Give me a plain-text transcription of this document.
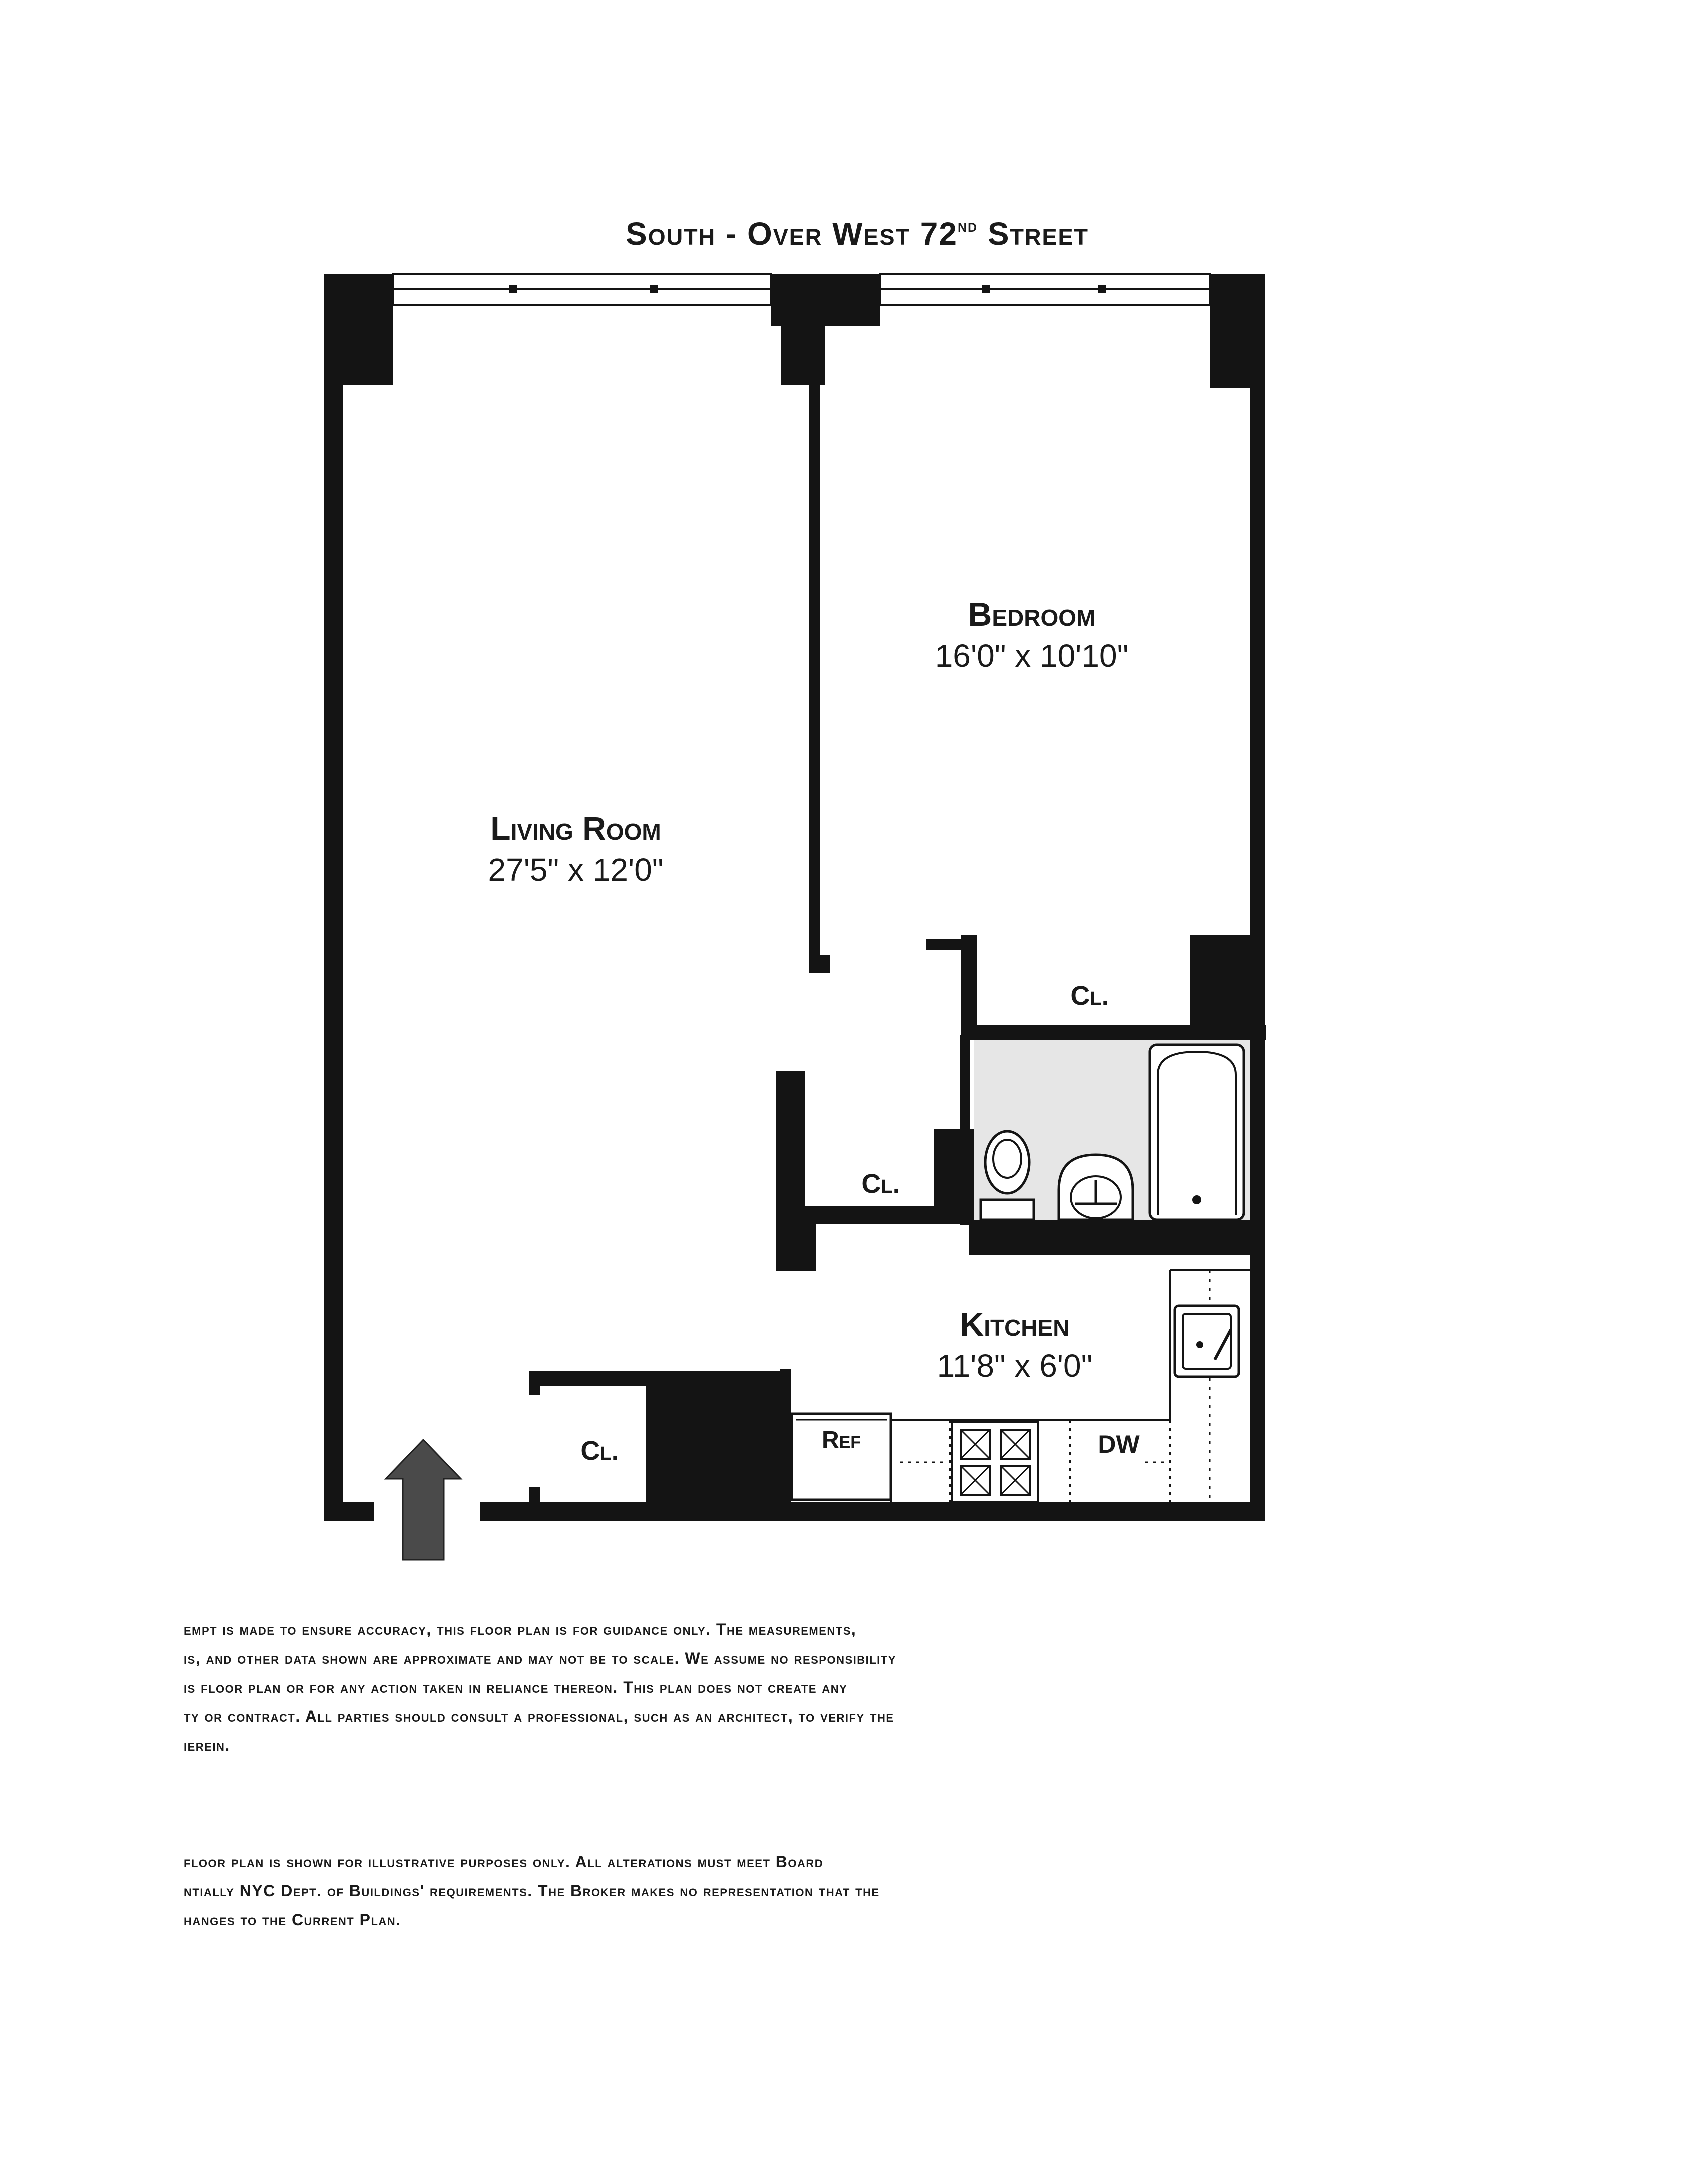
South - Over West 72nd Street
Living Room
27'5" x 12'0"
Bedroom
16'0" x 10'10"
Kitchen
11'8" x 6'0"
Cl.
Cl.
Cl.	Ref	DW

empt is made to ensure accuracy, this floor plan is for guidance only. The measurements,

is, and other data shown are approximate and may not be to scale. We assume no responsibility

is floor plan or for any action taken in reliance thereon. This plan does not create any

ty or contract. All parties should consult a professional, such as an architect, to verify the

ierein.

floor plan is shown for illustrative purposes only. All alterations must meet Board

ntially NYC Dept. of Buildings' requirements. The Broker makes no representation that the

hanges to the Current Plan.
